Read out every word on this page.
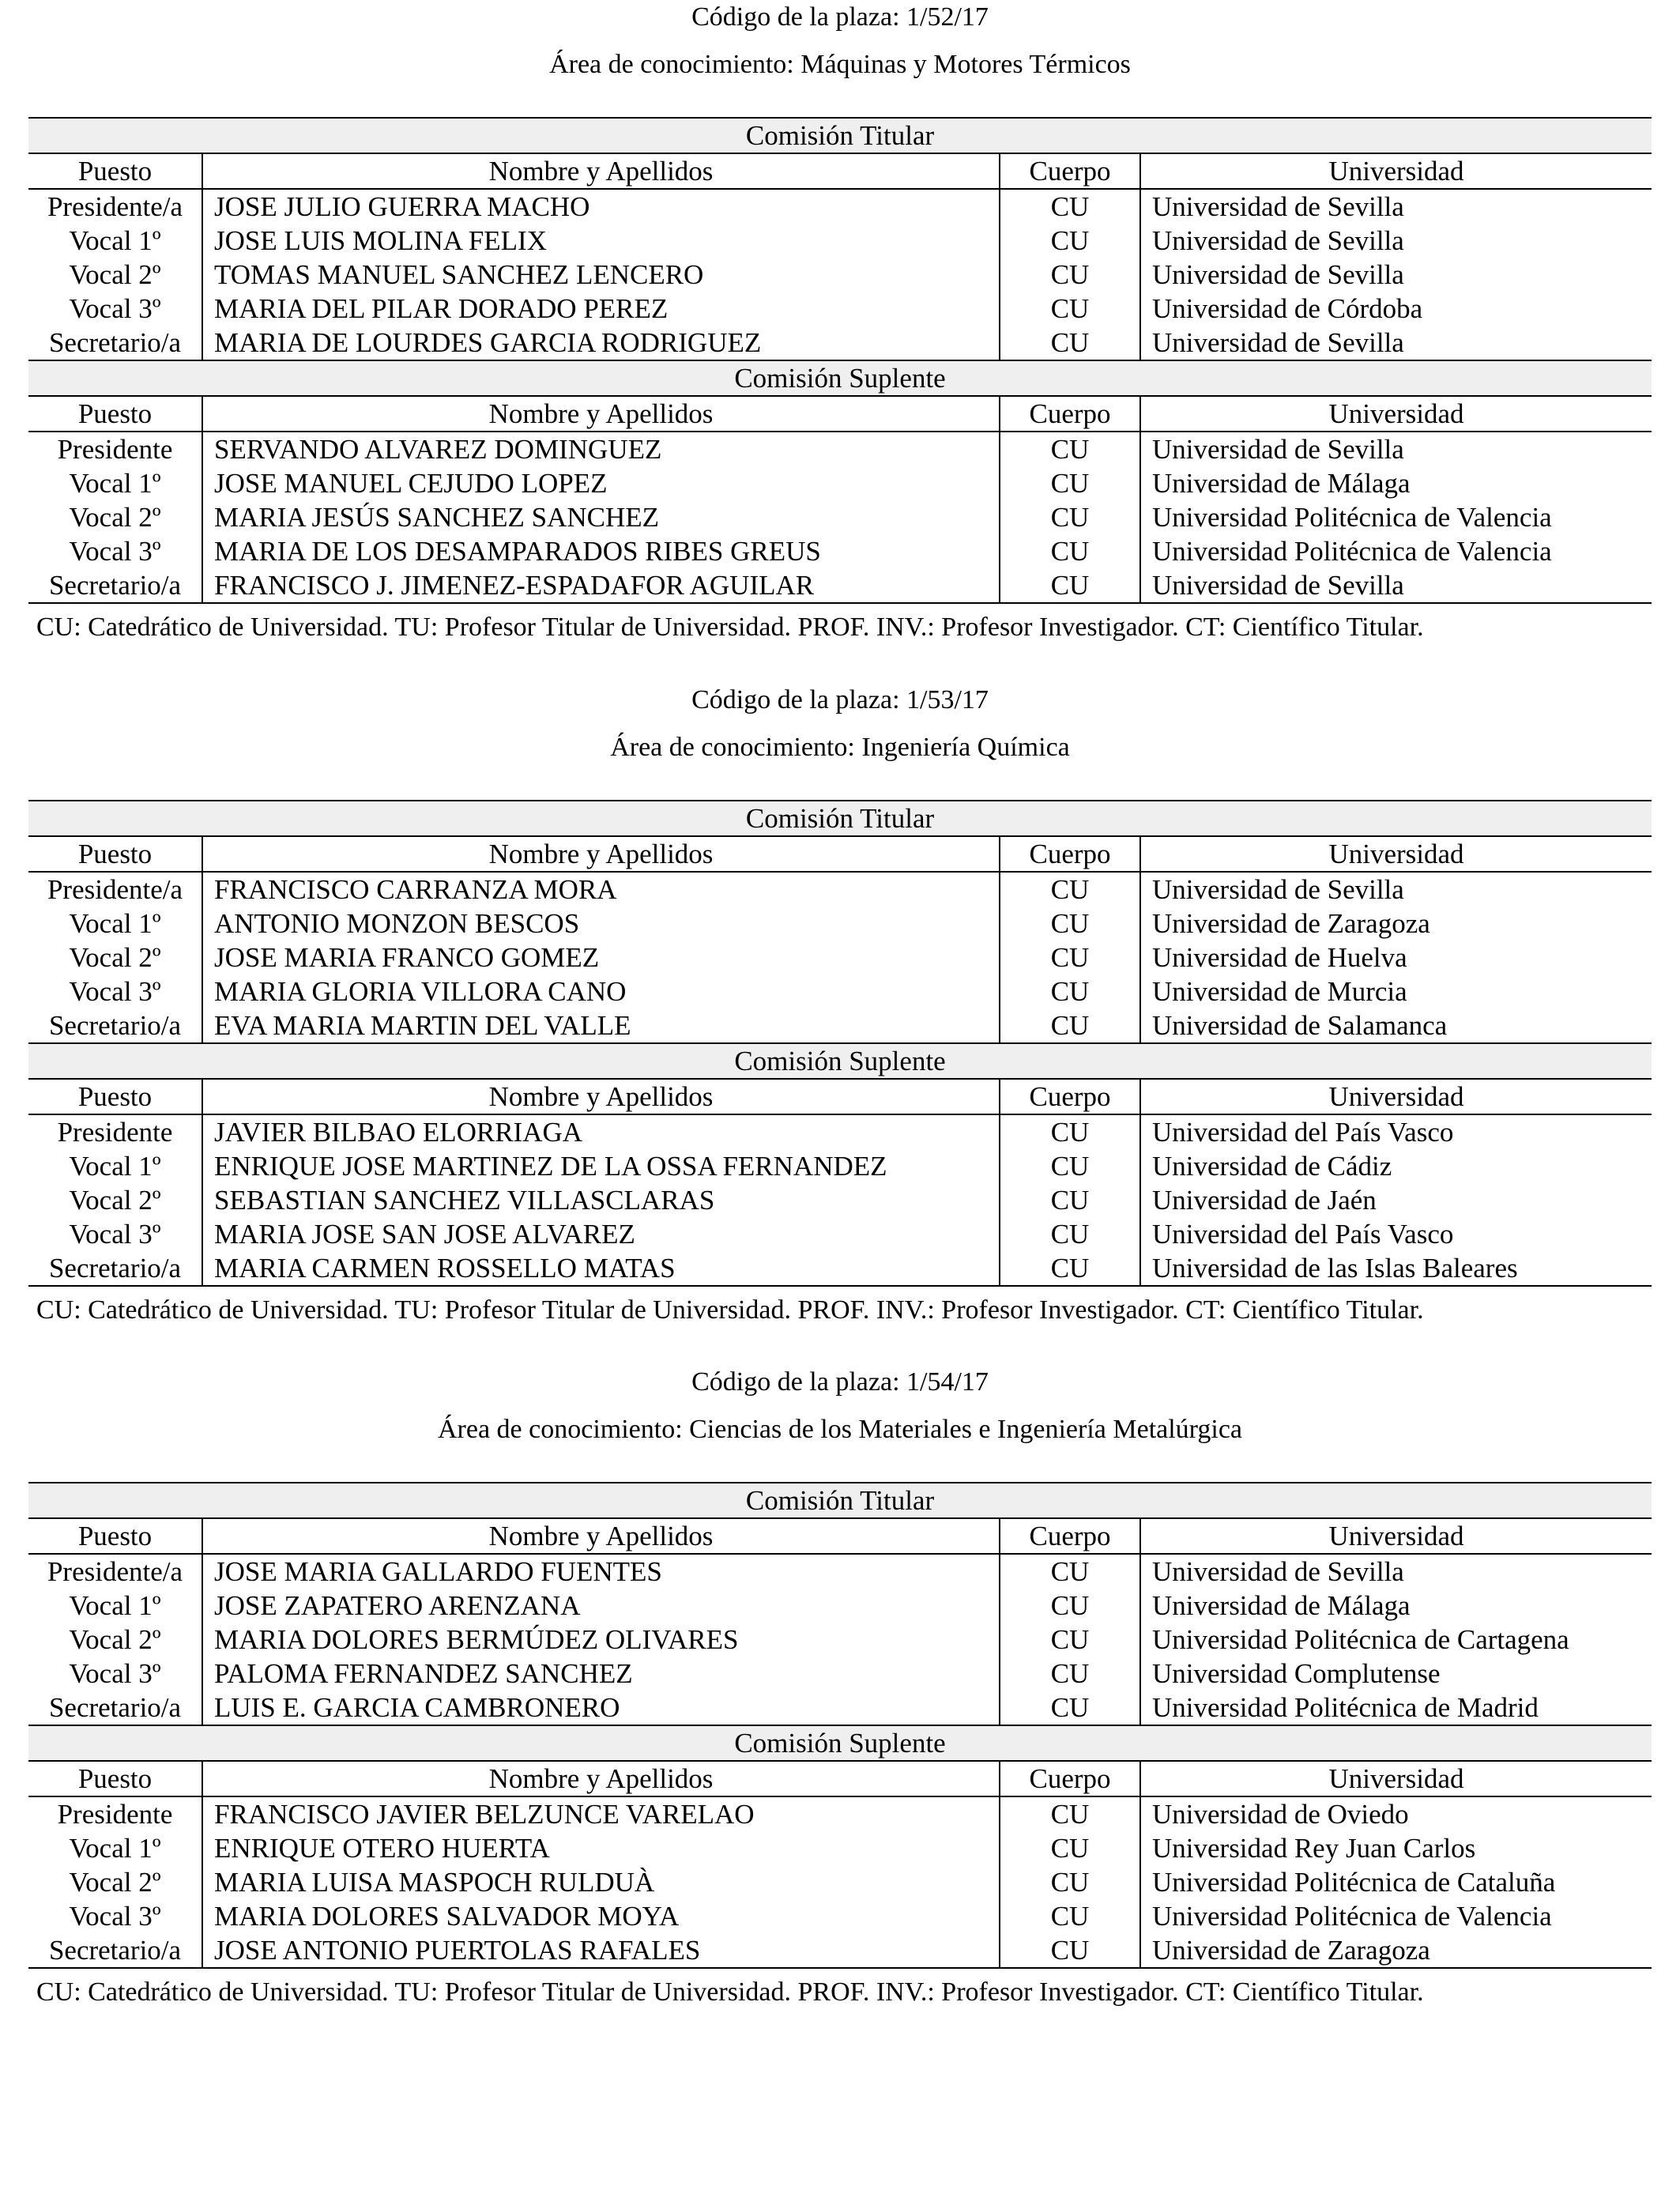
Código de la plaza: 1/52/17
Área de conocimiento: Máquinas y Motores Térmicos
Comisión Titular			
Puesto	Nombre y Apellidos	Cuerpo	Universidad
Presidente/a	JOSE JULIO GUERRA MACHO	CU	Universidad de Sevilla
Vocal 1º	JOSE LUIS MOLINA FELIX	CU	Universidad de Sevilla
Vocal 2º	TOMAS MANUEL SANCHEZ LENCERO	CU	Universidad de Sevilla
Vocal 3º	MARIA DEL PILAR DORADO PEREZ	CU	Universidad de Córdoba
Secretario/a	MARIA DE LOURDES GARCIA RODRIGUEZ	CU	Universidad de Sevilla
Comisión Suplente			
Puesto	Nombre y Apellidos	Cuerpo	Universidad
Presidente	SERVANDO ALVAREZ DOMINGUEZ	CU	Universidad de Sevilla
Vocal 1º	JOSE MANUEL CEJUDO LOPEZ	CU	Universidad de Málaga
Vocal 2º	MARIA JESÚS SANCHEZ SANCHEZ	CU	Universidad Politécnica de Valencia
Vocal 3º	MARIA DE LOS DESAMPARADOS RIBES GREUS	CU	Universidad Politécnica de Valencia
Secretario/a	FRANCISCO J. JIMENEZ-ESPADAFOR AGUILAR	CU	Universidad de Sevilla
CU: Catedrático de Universidad. TU: Profesor Titular de Universidad. PROF. INV.: Profesor Investigador. CT: Científico Titular.
Código de la plaza: 1/53/17
Área de conocimiento: Ingeniería Química
Comisión Titular			
Puesto	Nombre y Apellidos	Cuerpo	Universidad
Presidente/a	FRANCISCO CARRANZA MORA	CU	Universidad de Sevilla
Vocal 1º	ANTONIO MONZON BESCOS	CU	Universidad de Zaragoza
Vocal 2º	JOSE MARIA FRANCO GOMEZ	CU	Universidad de Huelva
Vocal 3º	MARIA GLORIA VILLORA CANO	CU	Universidad de Murcia
Secretario/a	EVA MARIA MARTIN DEL VALLE	CU	Universidad de Salamanca
Comisión Suplente			
Puesto	Nombre y Apellidos	Cuerpo	Universidad
Presidente	JAVIER BILBAO ELORRIAGA	CU	Universidad del País Vasco
Vocal 1º	ENRIQUE JOSE MARTINEZ DE LA OSSA FERNANDEZ	CU	Universidad de Cádiz
Vocal 2º	SEBASTIAN SANCHEZ VILLASCLARAS	CU	Universidad de Jaén
Vocal 3º	MARIA JOSE SAN JOSE ALVAREZ	CU	Universidad del País Vasco
Secretario/a	MARIA CARMEN ROSSELLO MATAS	CU	Universidad de las Islas Baleares
CU: Catedrático de Universidad. TU: Profesor Titular de Universidad. PROF. INV.: Profesor Investigador. CT: Científico Titular.
Código de la plaza: 1/54/17
Área de conocimiento: Ciencias de los Materiales e Ingeniería Metalúrgica
Comisión Titular			
Puesto	Nombre y Apellidos	Cuerpo	Universidad
Presidente/a	JOSE MARIA GALLARDO FUENTES	CU	Universidad de Sevilla
Vocal 1º	JOSE ZAPATERO ARENZANA	CU	Universidad de Málaga
Vocal 2º	MARIA DOLORES BERMÚDEZ OLIVARES	CU	Universidad Politécnica de Cartagena
Vocal 3º	PALOMA FERNANDEZ SANCHEZ	CU	Universidad Complutense
Secretario/a	LUIS E. GARCIA CAMBRONERO	CU	Universidad Politécnica de Madrid
Comisión Suplente			
Puesto	Nombre y Apellidos	Cuerpo	Universidad
Presidente	FRANCISCO JAVIER BELZUNCE VARELAO	CU	Universidad de Oviedo
Vocal 1º	ENRIQUE OTERO HUERTA	CU	Universidad Rey Juan Carlos
Vocal 2º	MARIA LUISA MASPOCH RULDUÀ	CU	Universidad Politécnica de Cataluña
Vocal 3º	MARIA DOLORES SALVADOR MOYA	CU	Universidad Politécnica de Valencia
Secretario/a	JOSE ANTONIO PUERTOLAS RAFALES	CU	Universidad de Zaragoza
CU: Catedrático de Universidad. TU: Profesor Titular de Universidad. PROF. INV.: Profesor Investigador. CT: Científico Titular.
